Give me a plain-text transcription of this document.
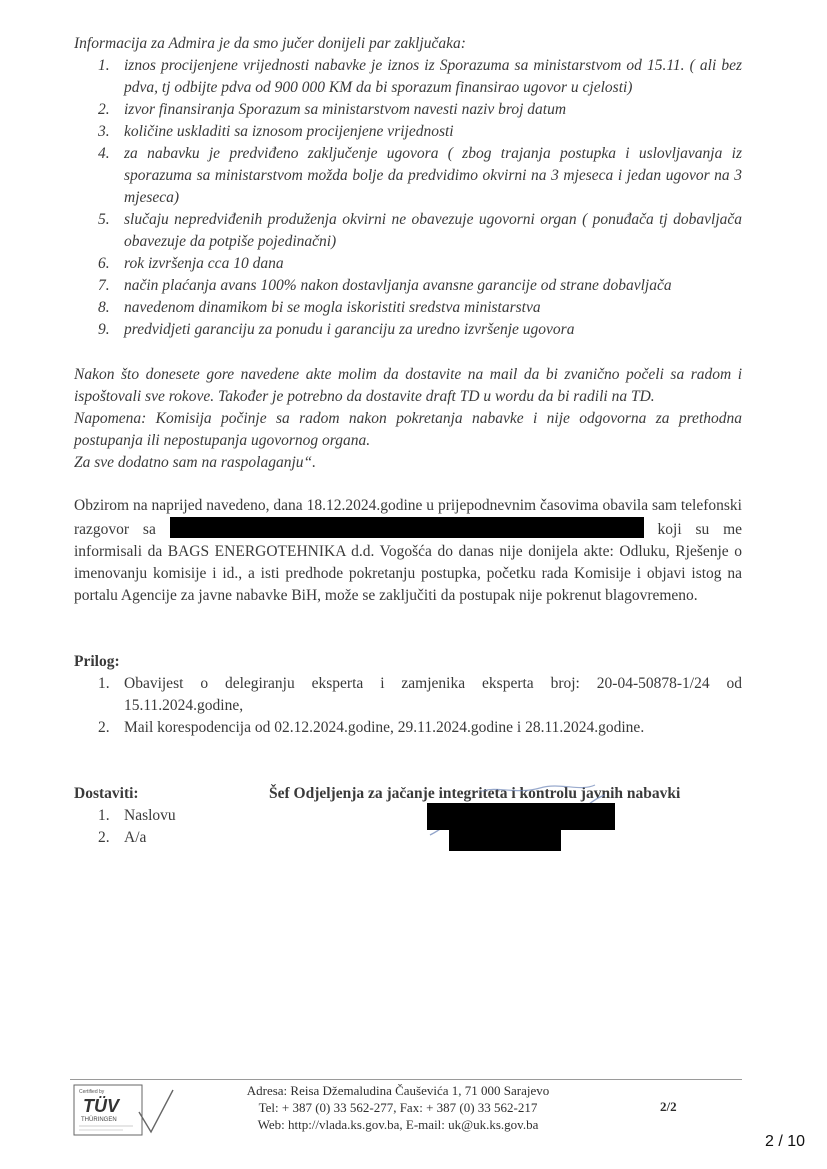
Informacija za Admira je da smo jučer donijeli par zaključaka:
1. iznos procijenjene vrijednosti nabavke je iznos iz Sporazuma sa ministarstvom od 15.11. ( ali bez pdva, tj odbijte pdva od 900 000 KM da bi sporazum finansirao ugovor u cjelosti)
2. izvor finansiranja Sporazum sa ministarstvom navesti naziv broj datum
3. količine uskladiti sa iznosom procijenjene vrijednosti
4. za nabavku je predviđeno zaključenje ugovora ( zbog trajanja postupka i uslovljavanja iz sporazuma sa ministarstvom možda bolje da predvidimo okvirni na 3 mjeseca i jedan ugovor na 3 mjeseca)
5. slučaju nepredviđenih produženja okvirni ne obavezuje ugovorni organ ( ponuđača tj dobavljača obavezuje da potpiše pojedinačni)
6. rok izvršenja cca 10 dana
7. način plaćanja avans 100% nakon dostavljanja avansne garancije od strane dobavljača
8. navedenom dinamikom bi se mogla iskoristiti sredstva ministarstva
9. predvidjeti garanciju za ponudu i garanciju za uredno izvršenje ugovora

Nakon što donesete gore navedene akte molim da dostavite na mail da bi zvanično počeli sa radom i ispoštovali sve rokove. Također je potrebno da dostavite draft TD u wordu da bi radili na TD.

Napomena: Komisija počinje sa radom nakon pokretanja nabavke i nije odgovorna za prethodna postupanja ili nepostupanja ugovornog organa.

Za sve dodatno sam na raspolaganju“.

Obzirom na naprijed navedeno, dana 18.12.2024.godine u prijepodnevnim časovima obavila sam telefonski razgovor sa	koji su me informisali da BAGS ENERGOTEHNIKA d.d. Vogošća do danas nije donijela akte: Odluku, Rješenje o imenovanju komisije i id., a isti predhode pokretanju postupka, početku rada Komisije i objavi istog na portalu Agencije za javne nabavke BiH, može se zaključiti da postupak nije pokrenut blagovremeno.
Prilog:
1. Obavijest o delegiranju eksperta i zamjenika eksperta broj: 20-04-50878-1/24 od 15.11.2024.godine,
2. Mail korespodencija od 02.12.2024.godine, 29.11.2024.godine i 28.11.2024.godine.
Dostaviti:
1. Naslovu
2. A/a
Šef Odjeljenja za jačanje integriteta i kontrolu javnih nabavki
Certified by
TÜV
THÜRINGEN
Adresa: Reisa Džemaludina Čauševića 1, 71 000 Sarajevo
Tel: + 387 (0) 33 562-277, Fax: + 387 (0) 33 562-217
Web: http://vlada.ks.gov.ba, E-mail: uk@uk.ks.gov.ba
2/2
2 / 10
